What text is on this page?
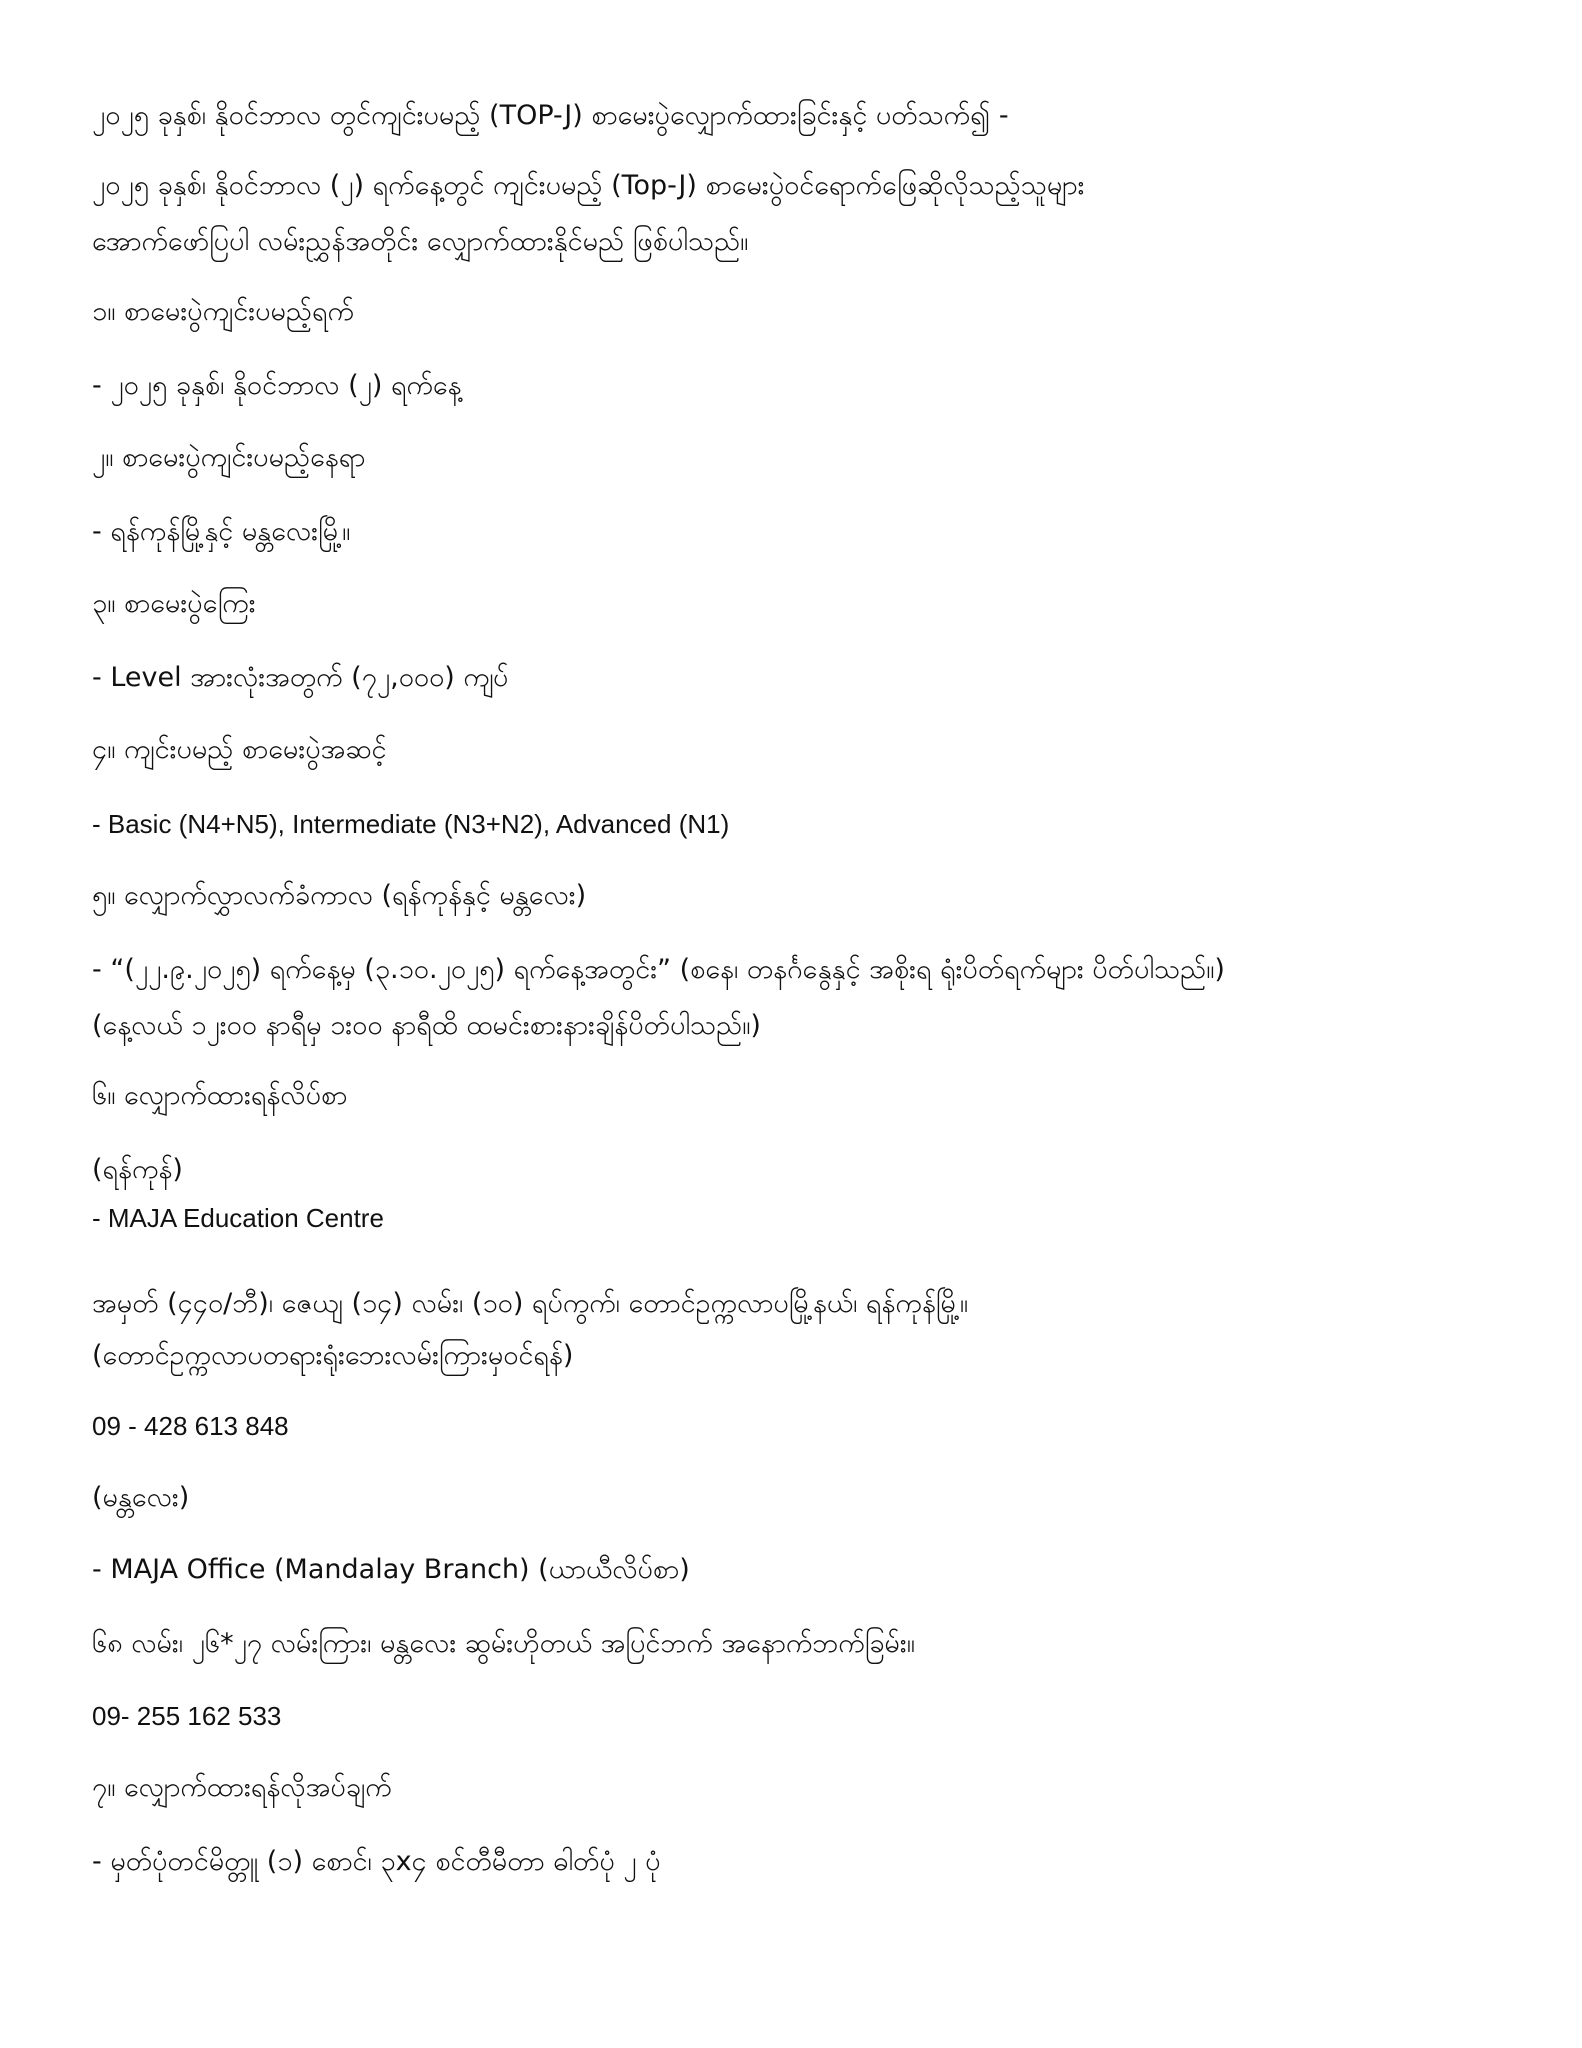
၂၀၂၅ ခုနှစ်၊ နိုဝင်ဘာလ တွင်ကျင်းပမည့် (TOP-J) စာမေးပွဲလျှောက်ထားခြင်းနှင့် ပတ်သက်၍ -
၂၀၂၅ ခုနှစ်၊ နိုဝင်ဘာလ (၂) ရက်နေ့တွင် ကျင်းပမည့် (Top-J) စာမေးပွဲဝင်ရောက်ဖြေဆိုလိုသည့်သူများ
အောက်ဖော်ပြပါ လမ်းညွှန်အတိုင်း လျှောက်ထားနိုင်မည် ဖြစ်ပါသည်။
၁။ စာမေးပွဲကျင်းပမည့်ရက်
- ၂၀၂၅ ခုနှစ်၊ နိုဝင်ဘာလ (၂) ရက်နေ့
၂။ စာမေးပွဲကျင်းပမည့်နေရာ
- ရန်ကုန်မြို့နှင့် မန္တလေးမြို့။
၃။ စာမေးပွဲကြေး
- Level အားလုံးအတွက် (၇၂,၀၀၀) ကျပ်
၄။ ကျင်းပမည့် စာမေးပွဲအဆင့်
- Basic (N4+N5), Intermediate (N3+N2), Advanced (N1)
၅။ လျှောက်လွှာလက်ခံကာလ (ရန်ကုန်နှင့် မန္တလေး)
- “(၂၂.၉.၂၀၂၅) ရက်နေ့မှ (၃.၁၀.၂၀၂၅) ရက်နေ့အတွင်း” (စနေ၊ တနင်္ဂနွေနှင့် အစိုးရ ရုံးပိတ်ရက်များ ပိတ်ပါသည်။)
(နေ့လယ် ၁၂း၀၀ နာရီမှ ၁း၀၀ နာရီထိ ထမင်းစားနားချိန်ပိတ်ပါသည်။)
၆။ လျှောက်ထားရန်လိပ်စာ
(ရန်ကုန်)
- MAJA Education Centre
အမှတ် (၄၄၀/ဘီ)၊ ဇေယျ (၁၄) လမ်း၊ (၁၀) ရပ်ကွက်၊ တောင်ဥက္ကလာပမြို့နယ်၊ ရန်ကုန်မြို့။
(တောင်ဥက္ကလာပတရားရုံးဘေးလမ်းကြားမှဝင်ရန်)
09 - 428 613 848
(မန္တလေး)
- MAJA Office (Mandalay Branch) (ယာယီလိပ်စာ)
၆၈ လမ်း၊ ၂၆*၂၇ လမ်းကြား၊ မန္တလေး ဆွမ်းဟိုတယ် အပြင်ဘက် အနောက်ဘက်ခြမ်း။
09- 255 162 533
၇။ လျှောက်ထားရန်လိုအပ်ချက်
- မှတ်ပုံတင်မိတ္တူ (၁) စောင်၊ ၃x၄ စင်တီမီတာ ဓါတ်ပုံ ၂ ပုံ
